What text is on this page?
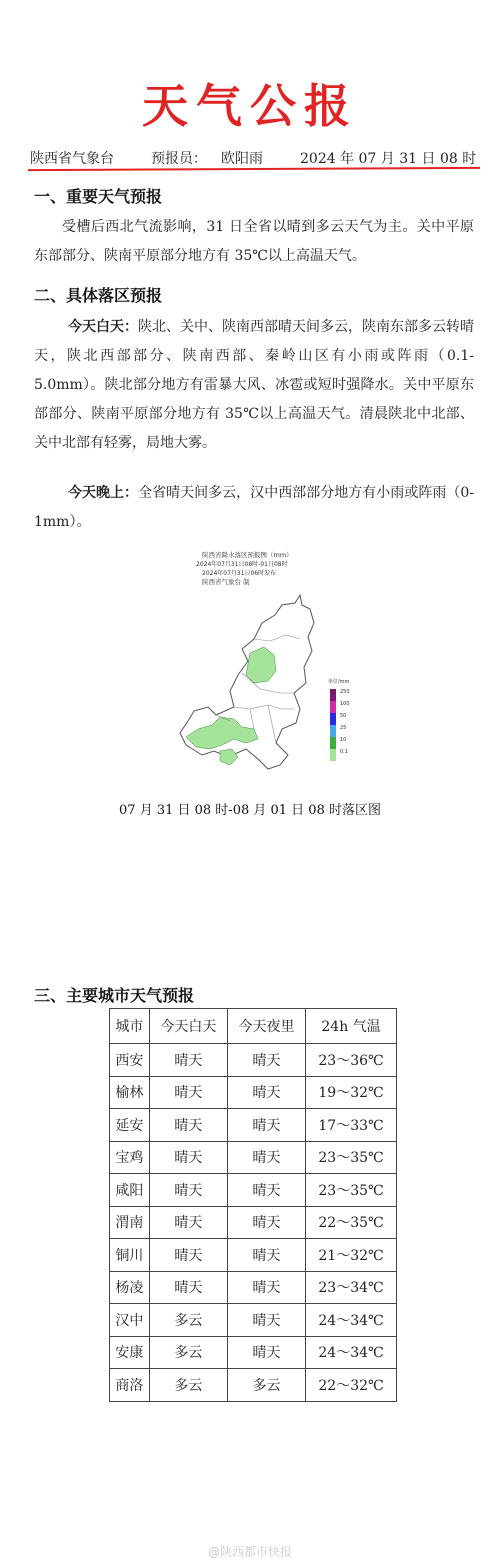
天气公报
陕西省气象台	预报员： 欧阳雨	2024 年 07 月 31 日 08 时
一、重要天气预报
受槽后西北气流影响，31 日全省以晴到多云天气为主。关中平原东部部分、陕南平原部分地方有 35℃以上高温天气。
二、具体落区预报
今天白天：陕北、关中、陕南西部晴天间多云，陕南东部多云转晴天，陕北西部部分、陕南西部、秦岭山区有小雨或阵雨（0.1-5.0mm）。陕北部分地方有雷暴大风、冰雹或短时强降水。关中平原东部部分、陕南平原部分地方有 35℃以上高温天气。清晨陕北中北部、关中北部有轻雾，局地大雾。
今天晚上：全省晴天间多云，汉中西部部分地方有小雨或阵雨（0-1mm）。
陕西省降水落区预报图（mm）
2024年07月31日08时-01日08时
2024年07月31日06时发布
陕西省气象台 制
单位/mm
250
100
50
25
10
0.1
07 月 31 日 08 时-08 月 01 日 08 时落区图
三、主要城市天气预报
城市	今天白天	今天夜里	24h 气温
西安	晴天	晴天	23～36℃
榆林	晴天	晴天	19～32℃
延安	晴天	晴天	17～33℃
宝鸡	晴天	晴天	23～35℃
咸阳	晴天	晴天	23～35℃
渭南	晴天	晴天	22～35℃
铜川	晴天	晴天	21～32℃
杨凌	晴天	晴天	23～34℃
汉中	多云	晴天	24～34℃
安康	多云	晴天	24～34℃
商洛	多云	多云	22～32℃
@陕西都市快报
